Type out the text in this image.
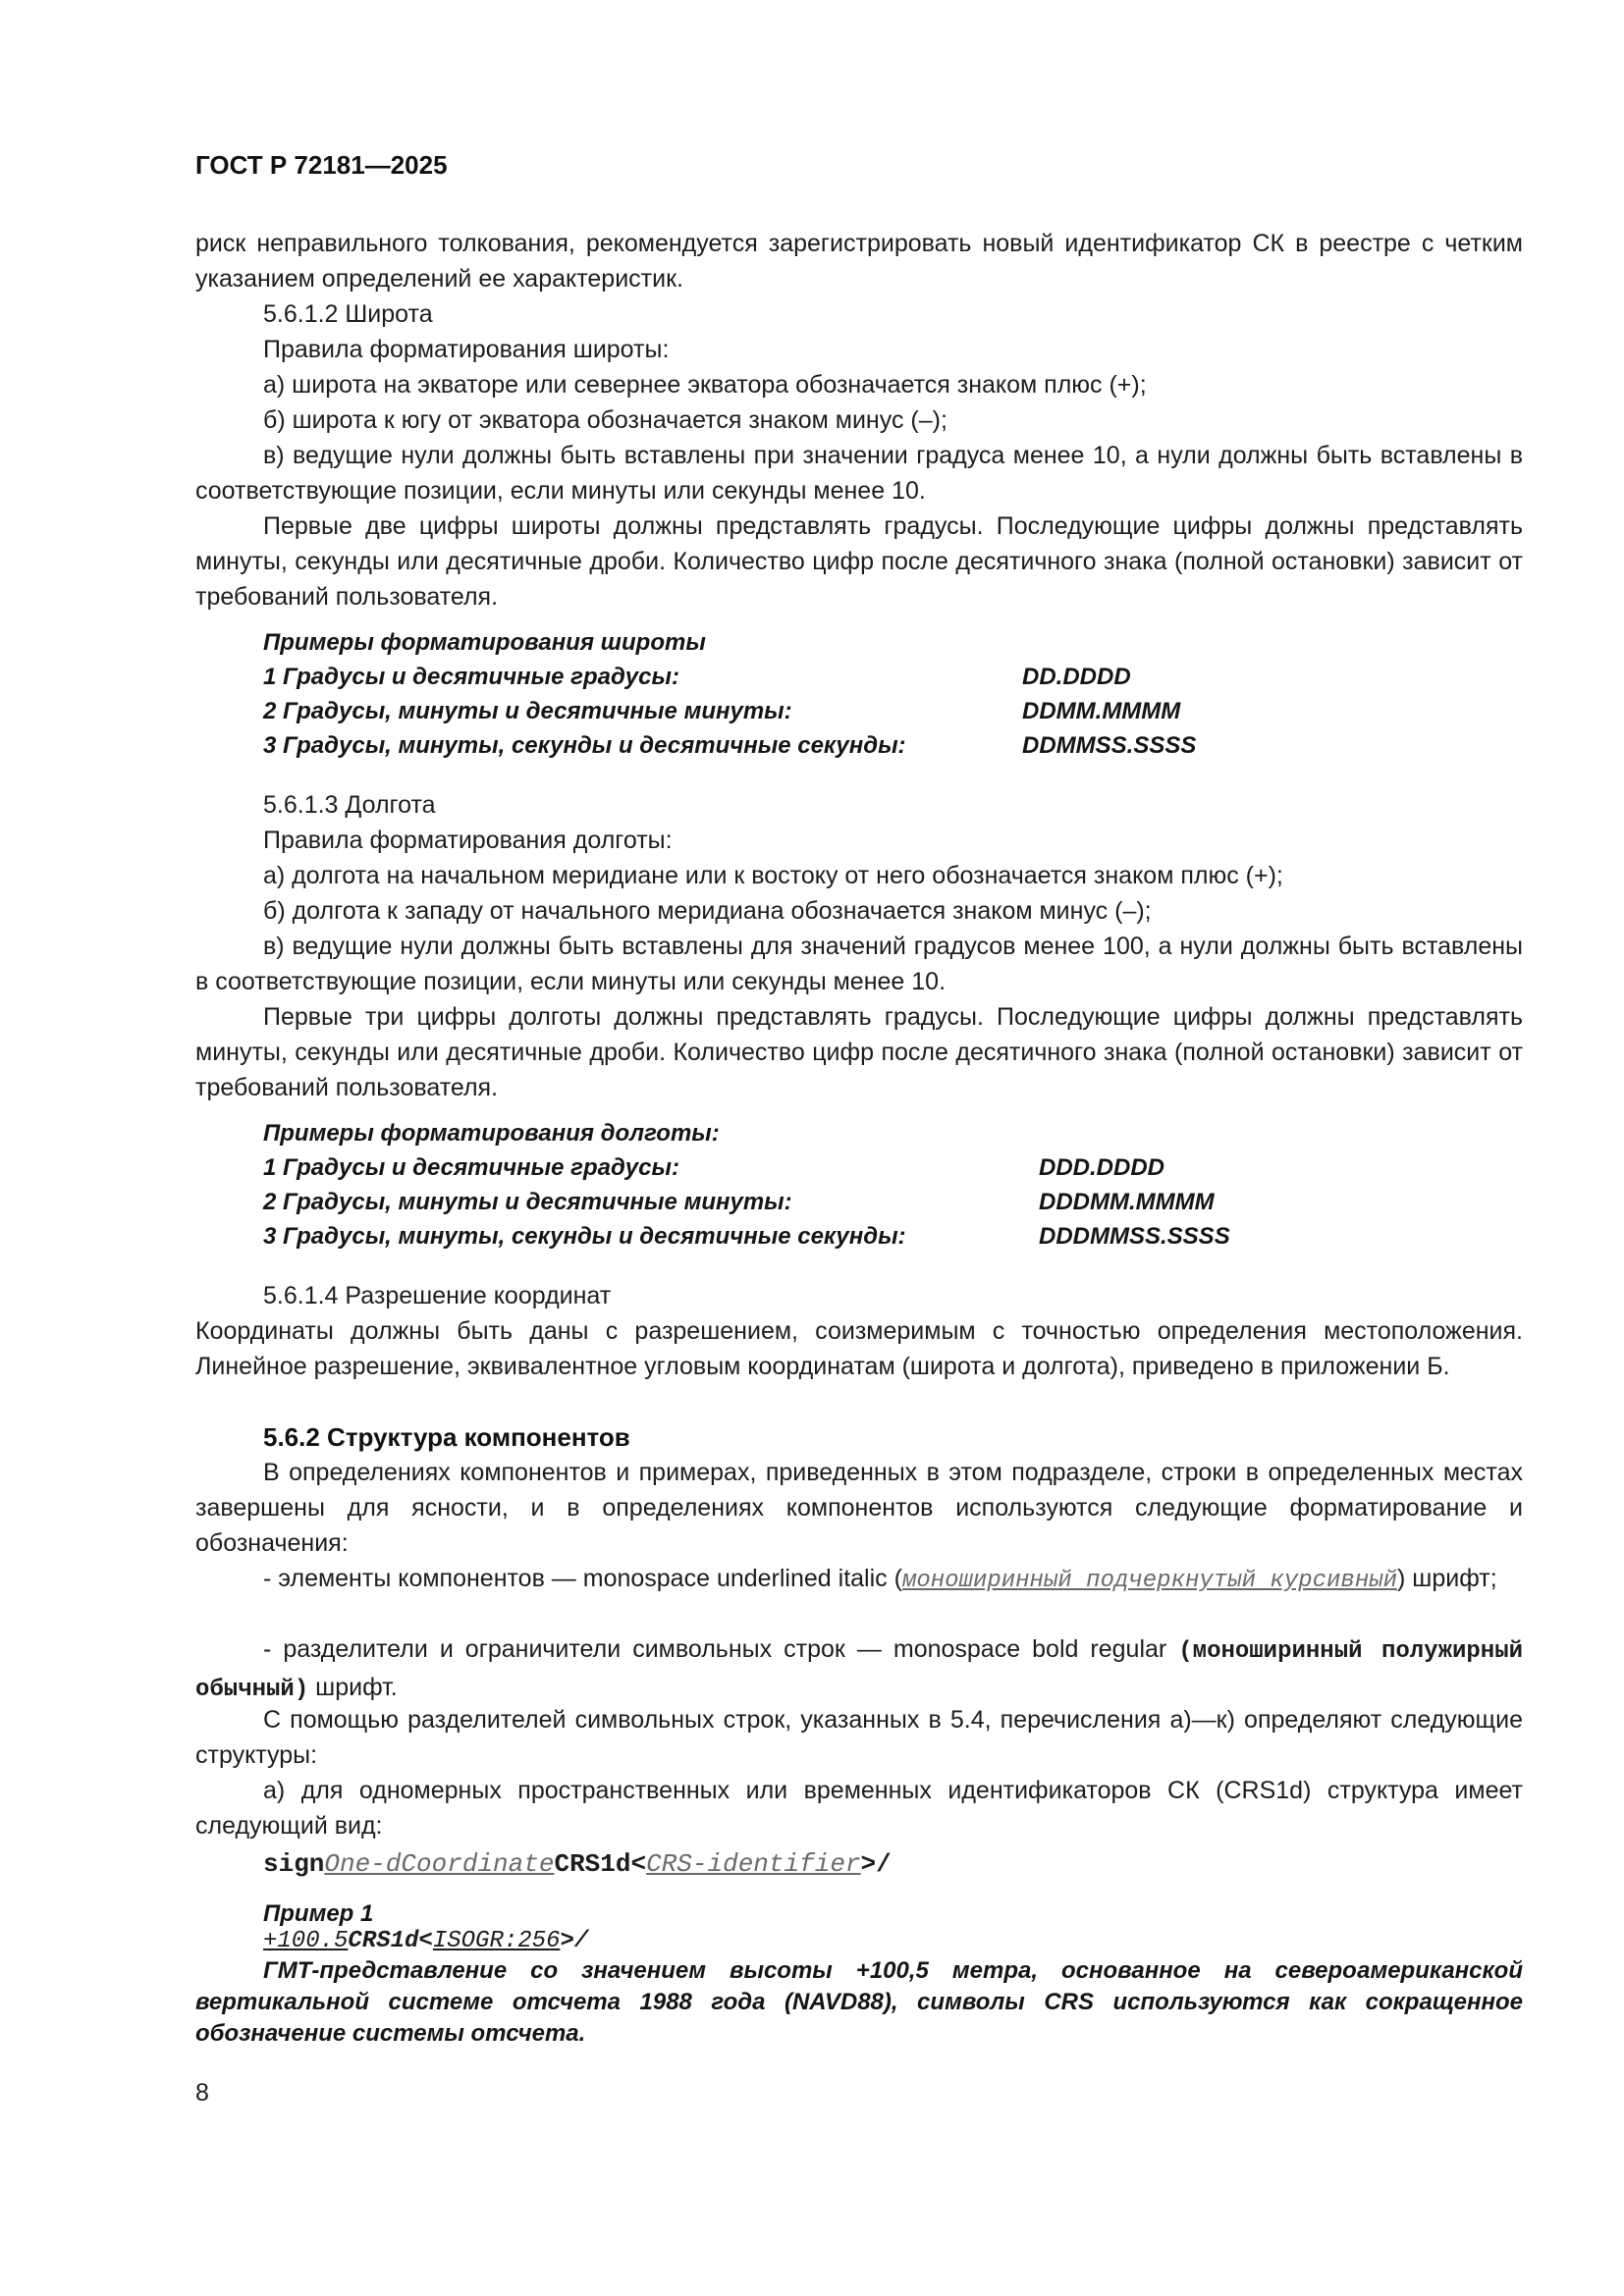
ГОСТ Р 72181—2025

риск неправильного толкования, рекомендуется зарегистрировать новый идентификатор СК в реестре с четким указанием определений ее характеристик.

5.6.1.2 Широта

Правила форматирования широты:

а) широта на экваторе или севернее экватора обозначается знаком плюс (+);

б) широта к югу от экватора обозначается знаком минус (–);

в) ведущие нули должны быть вставлены при значении градуса менее 10, а нули должны быть вставлены в соответствующие позиции, если минуты или секунды менее 10.

Первые две цифры широты должны представлять градусы. Последующие цифры должны представлять минуты, секунды или десятичные дроби. Количество цифр после десятичного знака (полной остановки) зависит от требований пользователя.

Примеры форматирования широты
1 Градусы и десятичные градусы:	DD.DDDD
2 Градусы, минуты и десятичные минуты:	DDMM.MMMM
3 Градусы, минуты, секунды и десятичные секунды:	DDMMSS.SSSS

5.6.1.3 Долгота

Правила форматирования долготы:

а) долгота на начальном меридиане или к востоку от него обозначается знаком плюс (+);

б) долгота к западу от начального меридиана обозначается знаком минус (–);

в) ведущие нули должны быть вставлены для значений градусов менее 100, а нули должны быть вставлены в соответствующие позиции, если минуты или секунды менее 10.

Первые три цифры долготы должны представлять градусы. Последующие цифры должны представлять минуты, секунды или десятичные дроби. Количество цифр после десятичного знака (полной остановки) зависит от требований пользователя.

Примеры форматирования долготы:
1 Градусы и десятичные градусы:	DDD.DDDD
2 Градусы, минуты и десятичные минуты:	DDDMM.MMMM
3 Градусы, минуты, секунды и десятичные секунды:	DDDMMSS.SSSS

5.6.1.4 Разрешение координат

Координаты должны быть даны с разрешением, соизмеримым с точностью определения местоположения. Линейное разрешение, эквивалентное угловым координатам (широта и долгота), приведено в приложении Б.

5.6.2 Структура компонентов

В определениях компонентов и примерах, приведенных в этом подразделе, строки в определенных местах завершены для ясности, и в определениях компонентов используются следующие форматирование и обозначения:

- элементы компонентов — monospace underlined italic (моноширинный подчеркнутый курсивный) шрифт;

- разделители и ограничители символьных строк — monospace bold regular (моноширинный полужирный обычный) шрифт.

С помощью разделителей символьных строк, указанных в 5.4, перечисления а)—к) определяют следующие структуры:

а) для одномерных пространственных или временных идентификаторов СК (CRS1d) структура имеет следующий вид:

signOne-dCoordinateCRS1d<CRS-identifier>/

Пример 1

+100.5CRS1d<ISOGR:256>/

ГМТ-представление со значением высоты +100,5 метра, основанное на североамериканской вертикальной системе отсчета 1988 года (NAVD88), символы CRS используются как сокращенное обозначение системы отсчета.

8
